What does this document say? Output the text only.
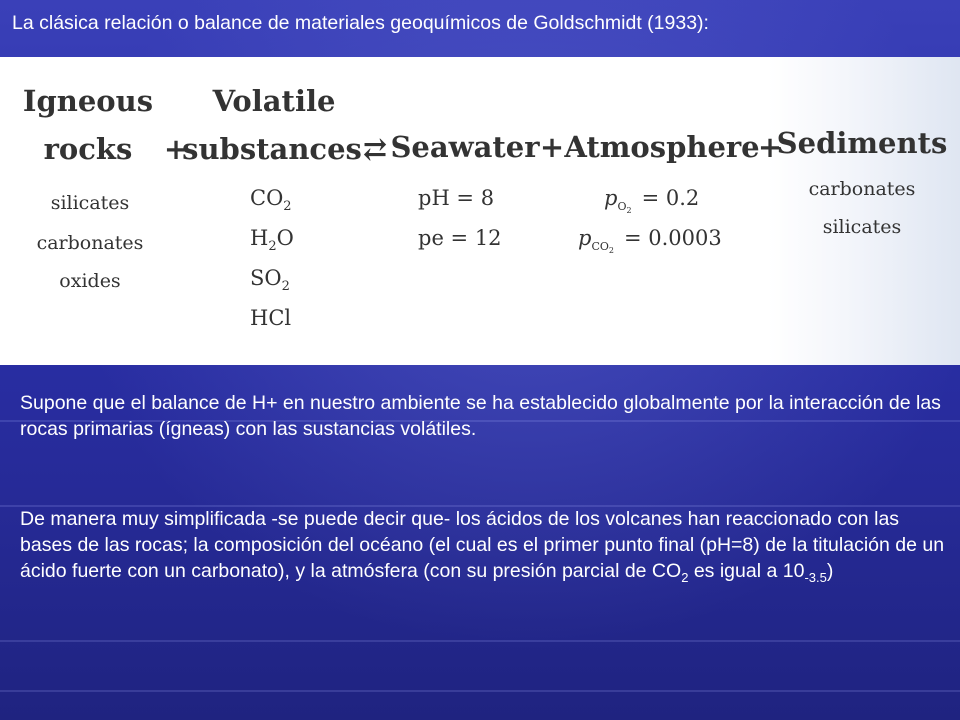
La clásica relación o balance de materiales geoquímicos de Goldschmidt (1933):
Igneous
rocks
silicates
carbonates
oxides
+
Volatile
substances
$CO_2$
$H_2O$
$SO_2$
HCl
⇄ Seawater
pH = 8
pe = 12
+ Atmosphere
$p_O2= 0.2$
$p_{CO}2= 0.0003$
+
Sediments
carbonates
silicates

Supone que el balance de H+ en nuestro ambiente se ha establecido globalmente por la interacción de las rocas primarias (ígneas) con las sustancias volátiles.

De manera muy simplificada -se puede decir que- los ácidos de los volcanes han reaccionado con las bases de las rocas; la composición del océano (el cual es el primer punto final (pH=8) de la titulación de un ácido fuerte con un carbonato), y la atmósfera (con su presión parcial de $CO_2$ es igual a $10_{-3.5}$)
